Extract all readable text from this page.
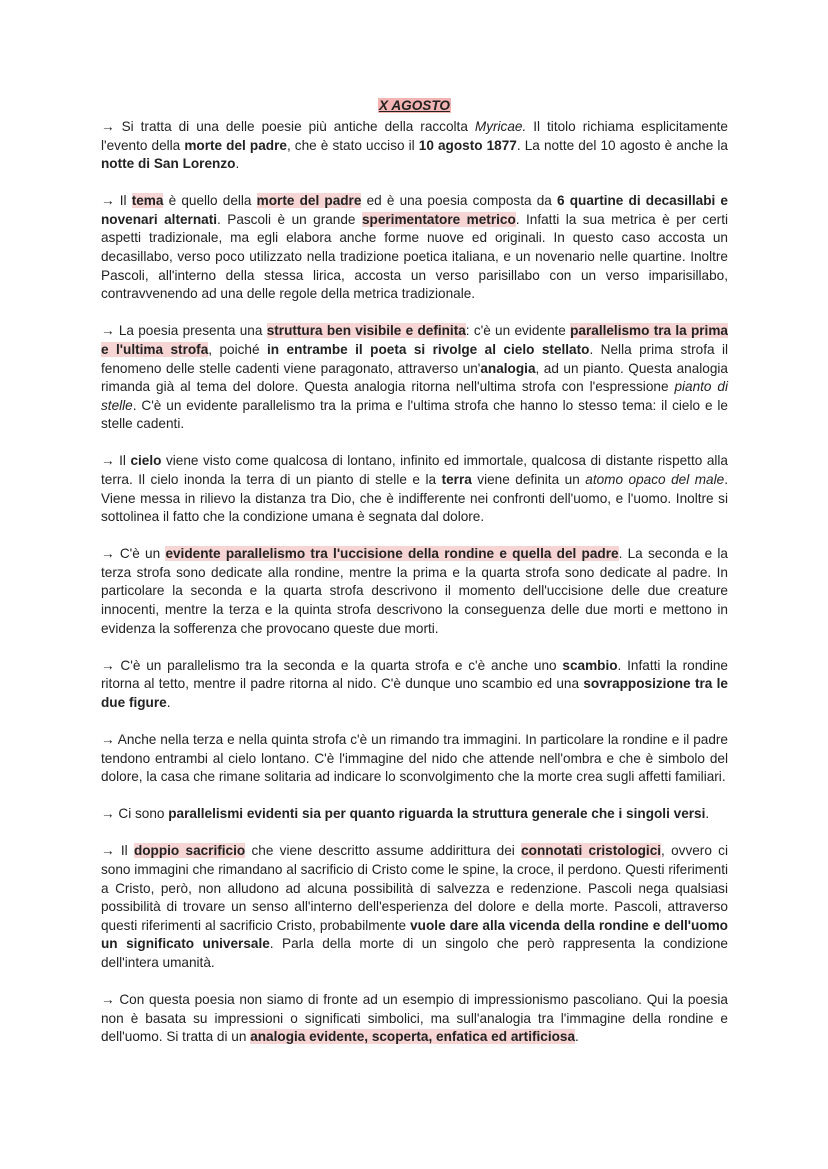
X AGOSTO

→ Si tratta di una delle poesie più antiche della raccolta Myricae. Il titolo richiama esplicitamente l'evento della morte del padre, che è stato ucciso il 10 agosto 1877. La notte del 10 agosto è anche la notte di San Lorenzo.

→ Il tema è quello della morte del padre ed è una poesia composta da 6 quartine di decasillabi e novenari alternati. Pascoli è un grande sperimentatore metrico. Infatti la sua metrica è per certi aspetti tradizionale, ma egli elabora anche forme nuove ed originali. In questo caso accosta un decasillabo, verso poco utilizzato nella tradizione poetica italiana, e un novenario nelle quartine. Inoltre Pascoli, all'interno della stessa lirica, accosta un verso parisillabo con un verso imparisillabo, contravvenendo ad una delle regole della metrica tradizionale.

→ La poesia presenta una struttura ben visibile e definita: c'è un evidente parallelismo tra la prima e l'ultima strofa, poiché in entrambe il poeta si rivolge al cielo stellato. Nella prima strofa il fenomeno delle stelle cadenti viene paragonato, attraverso un'analogia, ad un pianto. Questa analogia rimanda già al tema del dolore. Questa analogia ritorna nell'ultima strofa con l'espressione pianto di stelle. C'è un evidente parallelismo tra la prima e l'ultima strofa che hanno lo stesso tema: il cielo e le stelle cadenti.

→ Il cielo viene visto come qualcosa di lontano, infinito ed immortale, qualcosa di distante rispetto alla terra. Il cielo inonda la terra di un pianto di stelle e la terra viene definita un atomo opaco del male. Viene messa in rilievo la distanza tra Dio, che è indifferente nei confronti dell'uomo, e l'uomo. Inoltre si sottolinea il fatto che la condizione umana è segnata dal dolore.

→ C'è un evidente parallelismo tra l'uccisione della rondine e quella del padre. La seconda e la terza strofa sono dedicate alla rondine, mentre la prima e la quarta strofa sono dedicate al padre. In particolare la seconda e la quarta strofa descrivono il momento dell'uccisione delle due creature innocenti, mentre la terza e la quinta strofa descrivono la conseguenza delle due morti e mettono in evidenza la sofferenza che provocano queste due morti.

→ C'è un parallelismo tra la seconda e la quarta strofa e c'è anche uno scambio. Infatti la rondine ritorna al tetto, mentre il padre ritorna al nido. C'è dunque uno scambio ed una sovrapposizione tra le due figure.

→ Anche nella terza e nella quinta strofa c'è un rimando tra immagini. In particolare la rondine e il padre tendono entrambi al cielo lontano. C'è l'immagine del nido che attende nell'ombra e che è simbolo del dolore, la casa che rimane solitaria ad indicare lo sconvolgimento che la morte crea sugli affetti familiari.

→ Ci sono parallelismi evidenti sia per quanto riguarda la struttura generale che i singoli versi.

→ Il doppio sacrificio che viene descritto assume addirittura dei connotati cristologici, ovvero ci sono immagini che rimandano al sacrificio di Cristo come le spine, la croce, il perdono. Questi riferimenti a Cristo, però, non alludono ad alcuna possibilità di salvezza e redenzione. Pascoli nega qualsiasi possibilità di trovare un senso all'interno dell'esperienza del dolore e della morte. Pascoli, attraverso questi riferimenti al sacrificio Cristo, probabilmente vuole dare alla vicenda della rondine e dell'uomo un significato universale. Parla della morte di un singolo che però rappresenta la condizione dell'intera umanità.

→ Con questa poesia non siamo di fronte ad un esempio di impressionismo pascoliano. Qui la poesia non è basata su impressioni o significati simbolici, ma sull'analogia tra l'immagine della rondine e dell'uomo. Si tratta di un analogia evidente, scoperta, enfatica ed artificiosa.
